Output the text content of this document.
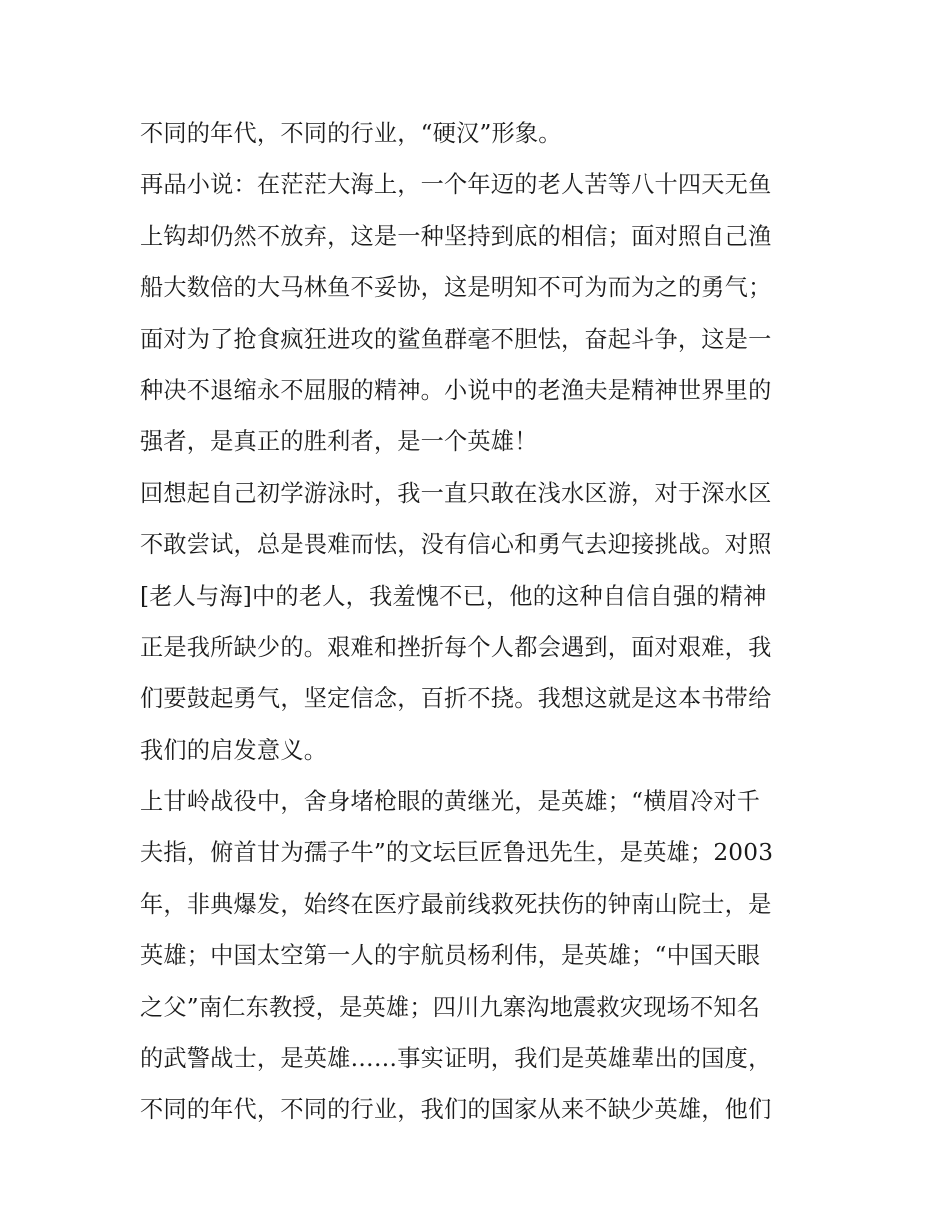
不同的年代，不同的行业，“硬汉”形象。
再品小说：在茫茫大海上，一个年迈的老人苦等八十四天无鱼
上钩却仍然不放弃，这是一种坚持到底的相信；面对照自己渔
船大数倍的大马林鱼不妥协，这是明知不可为而为之的勇气；
面对为了抢食疯狂进攻的鲨鱼群毫不胆怯，奋起斗争，这是一
种决不退缩永不屈服的精神。小说中的老渔夫是精神世界里的
强者，是真正的胜利者，是一个英雄！
回想起自己初学游泳时，我一直只敢在浅水区游，对于深水区
不敢尝试，总是畏难而怯，没有信心和勇气去迎接挑战。对照
[老人与海]中的老人，我羞愧不已，他的这种自信自强的精神
正是我所缺少的。艰难和挫折每个人都会遇到，面对艰难，我
们要鼓起勇气，坚定信念，百折不挠。我想这就是这本书带给
我们的启发意义。
上甘岭战役中，舍身堵枪眼的黄继光，是英雄；“横眉冷对千
夫指，俯首甘为孺子牛”的文坛巨匠鲁迅先生，是英雄；2003
年，非典爆发，始终在医疗最前线救死扶伤的钟南山院士，是
英雄；中国太空第一人的宇航员杨利伟，是英雄；“中国天眼
之父”南仁东教授，是英雄；四川九寨沟地震救灾现场不知名
的武警战士，是英雄……事实证明，我们是英雄辈出的国度，
不同的年代，不同的行业，我们的国家从来不缺少英雄，他们
